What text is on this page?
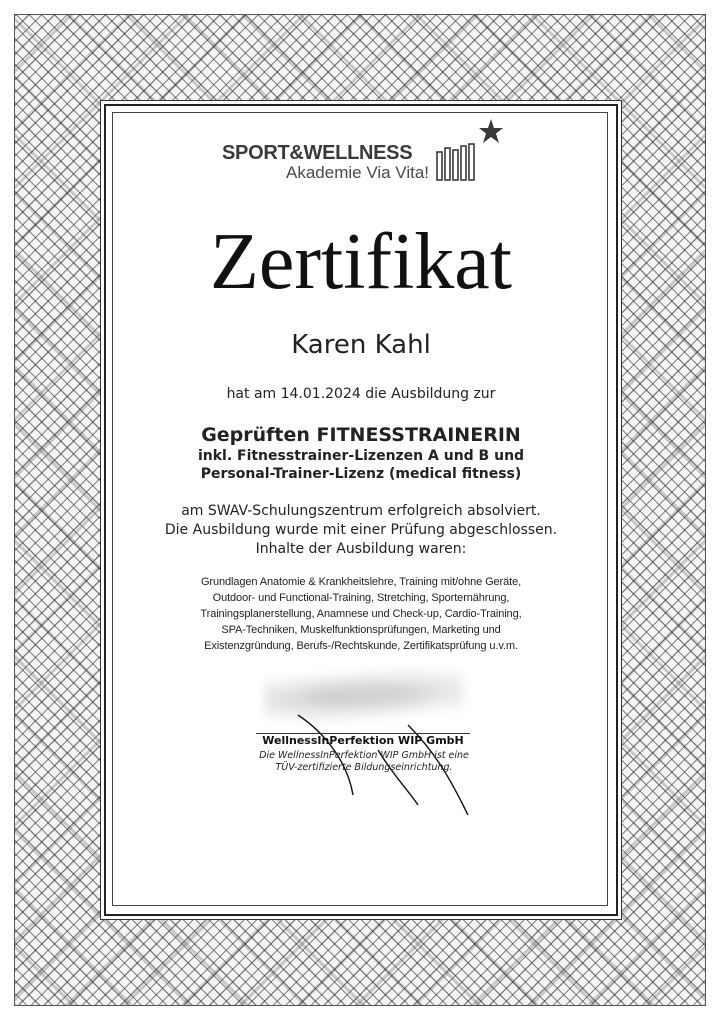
SPORT&WELLNESS
Akademie Via Vita!
Zertifikat
Karen Kahl
hat am 14.01.2024 die Ausbildung zur
Geprüften FITNESSTRAINERIN
inkl. Fitnesstrainer-Lizenzen A und B und
Personal-Trainer-Lizenz (medical fitness)
am SWAV-Schulungszentrum erfolgreich absolviert.
Die Ausbildung wurde mit einer Prüfung abgeschlossen.
Inhalte der Ausbildung waren:
Grundlagen Anatomie & Krankheitslehre, Training mit/ohne Geräte,
Outdoor- und Functional-Training, Stretching, Sporternährung,
Trainingsplanerstellung, Anamnese und Check-up, Cardio-Training,
SPA-Techniken, Muskelfunktionsprüfungen, Marketing und
Existenzgründung, Berufs-/Rechtskunde, Zertifikatsprüfung u.v.m.
WellnessInPerfektion WIP GmbH
Die WellnessInPerfektion WIP GmbH ist eine
TÜV-zertifizierte Bildungseinrichtung.
